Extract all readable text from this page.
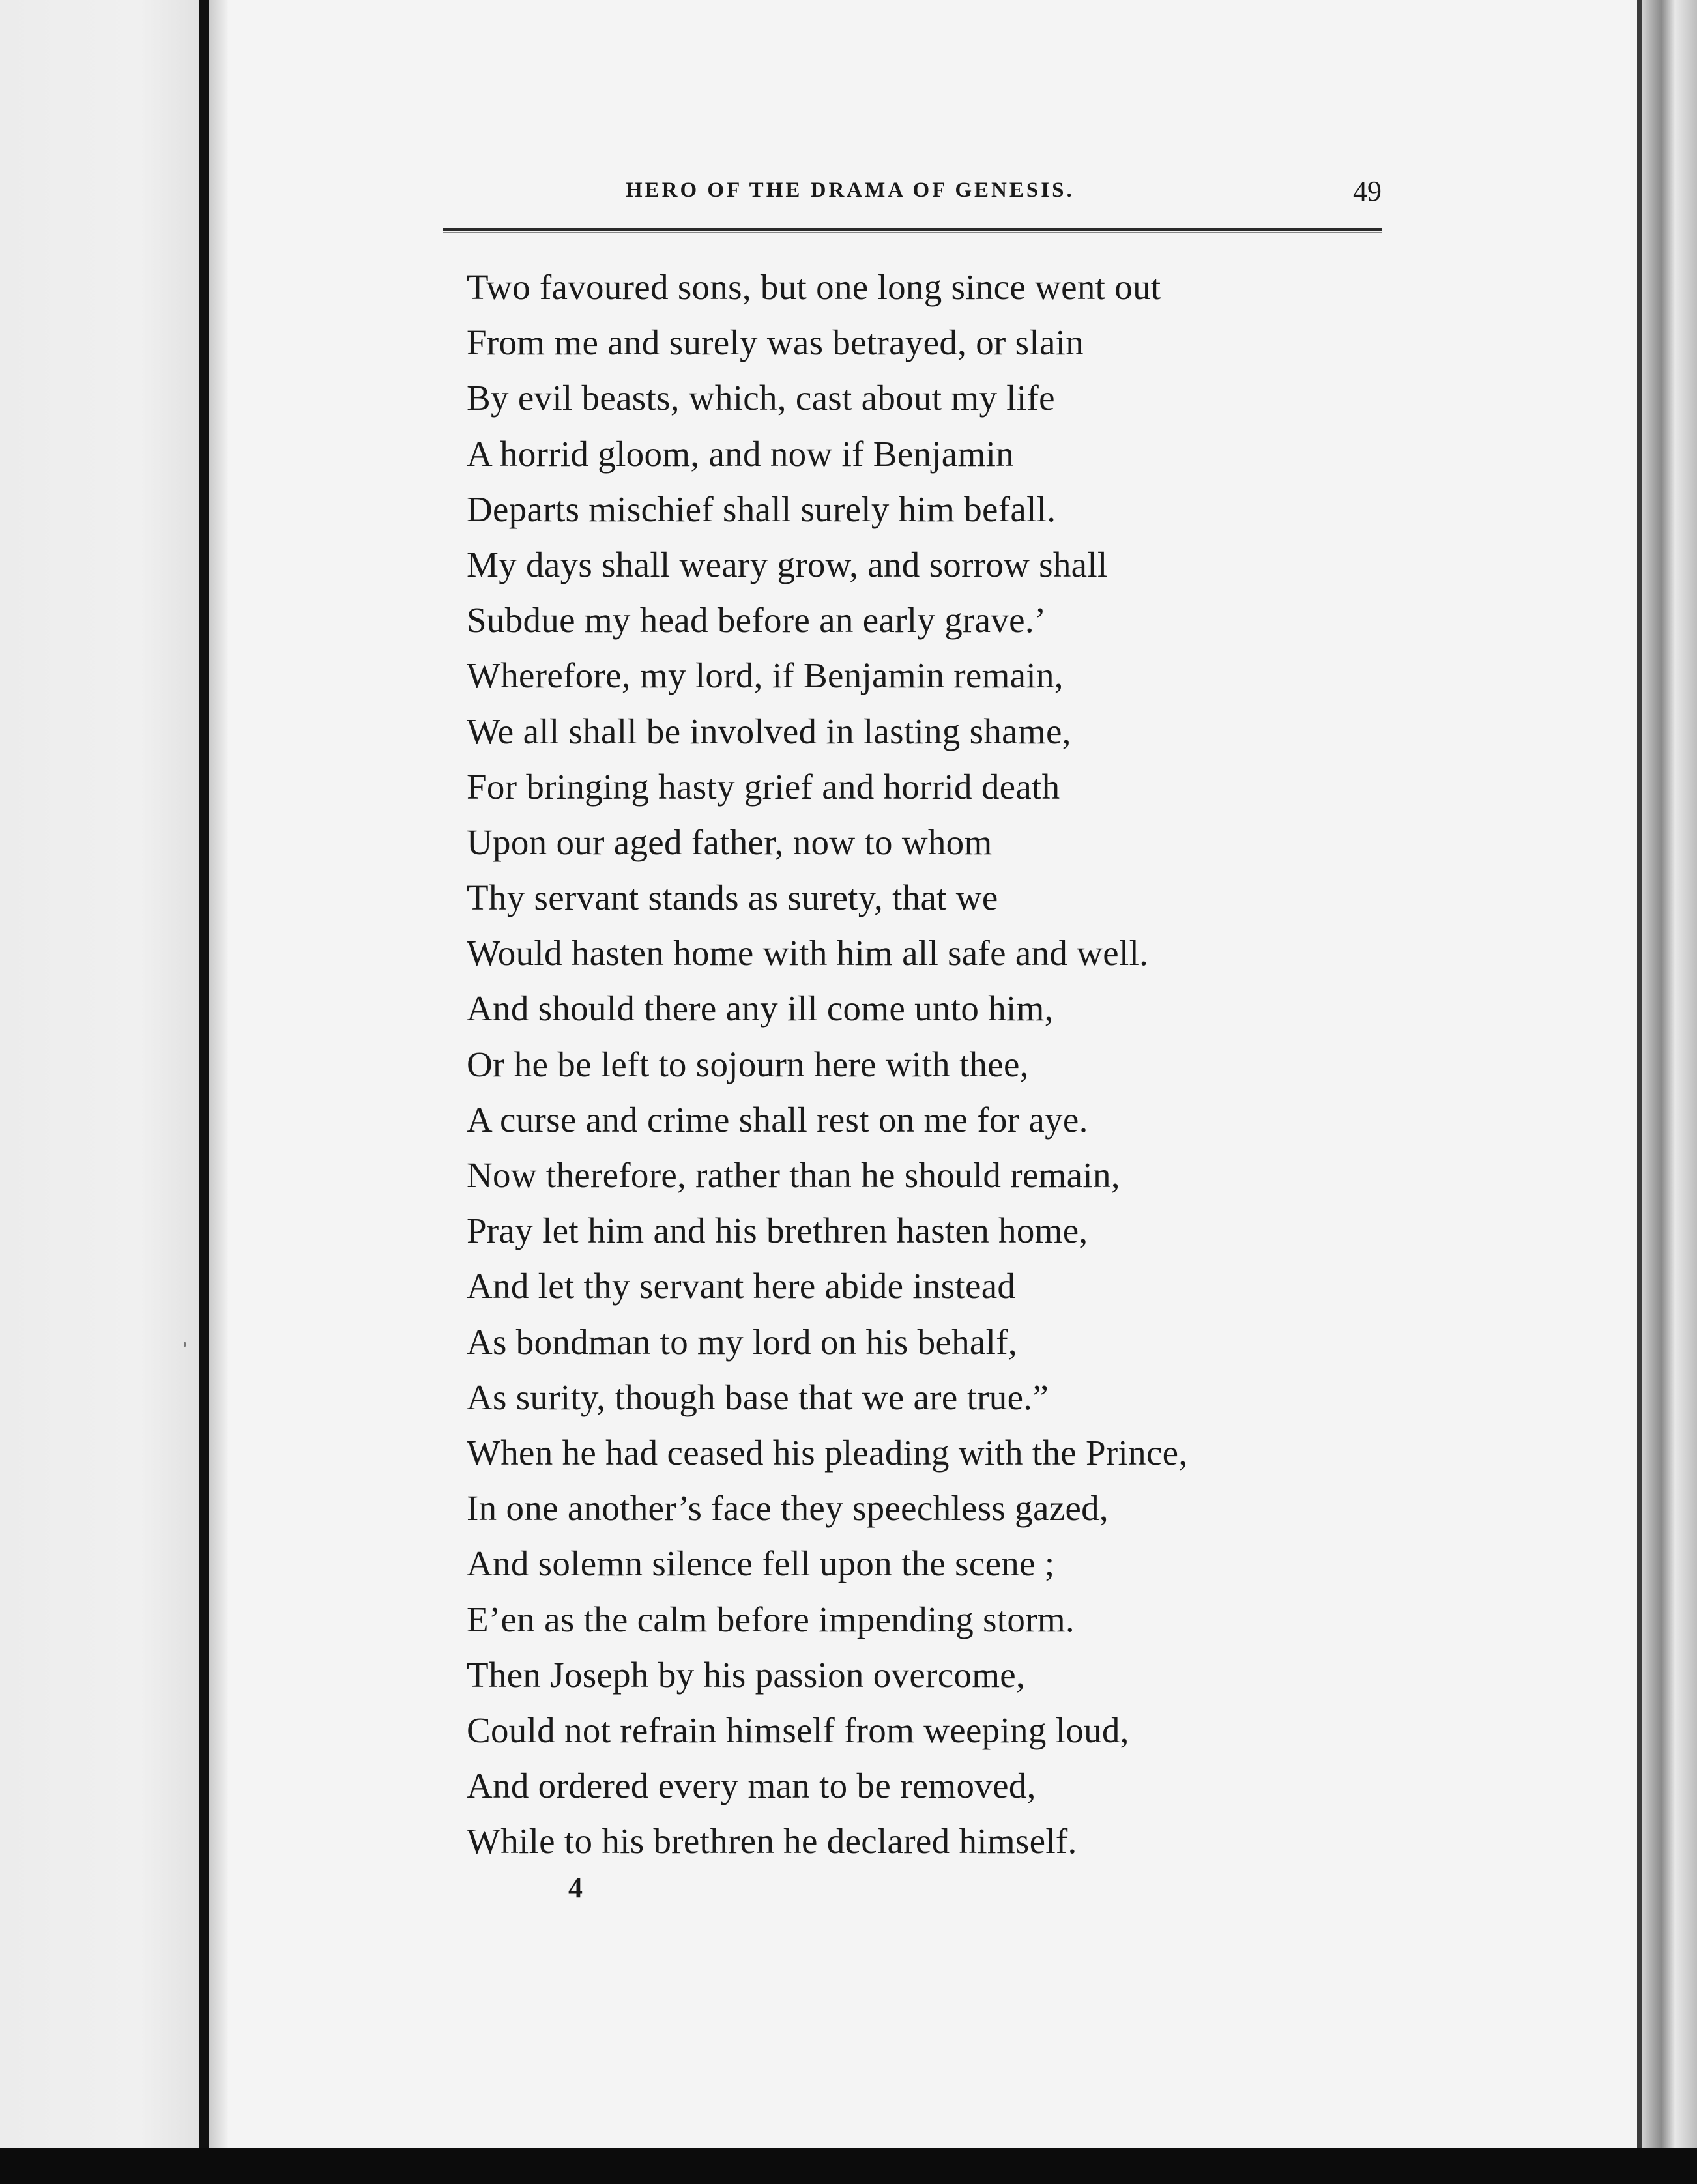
HERO OF THE DRAMA OF GENESIS.	49
Two favoured sons, but one long since went out
From me and surely was betrayed, or slain
By evil beasts, which, cast about my life
A horrid gloom, and now if Benjamin
Departs mischief shall surely him befall.
My days shall weary grow, and sorrow shall
Subdue my head before an early grave.’
Wherefore, my lord, if Benjamin remain,
We all shall be involved in lasting shame,
For bringing hasty grief and horrid death
Upon our aged father, now to whom
Thy servant stands as surety, that we
Would hasten home with him all safe and well.
And should there any ill come unto him,
Or he be left to sojourn here with thee,
A curse and crime shall rest on me for aye.
Now therefore, rather than he should remain,
Pray let him and his brethren hasten home,
And let thy servant here abide instead
As bondman to my lord on his behalf,
As surity, though base that we are true.”
When he had ceased his pleading with the Prince,
In one another’s face they speechless gazed,
And solemn silence fell upon the scene ;
E’en as the calm before impending storm.
Then Joseph by his passion overcome,
Could not refrain himself from weeping loud,
And ordered every man to be removed,
While to his brethren he declared himself.
4
